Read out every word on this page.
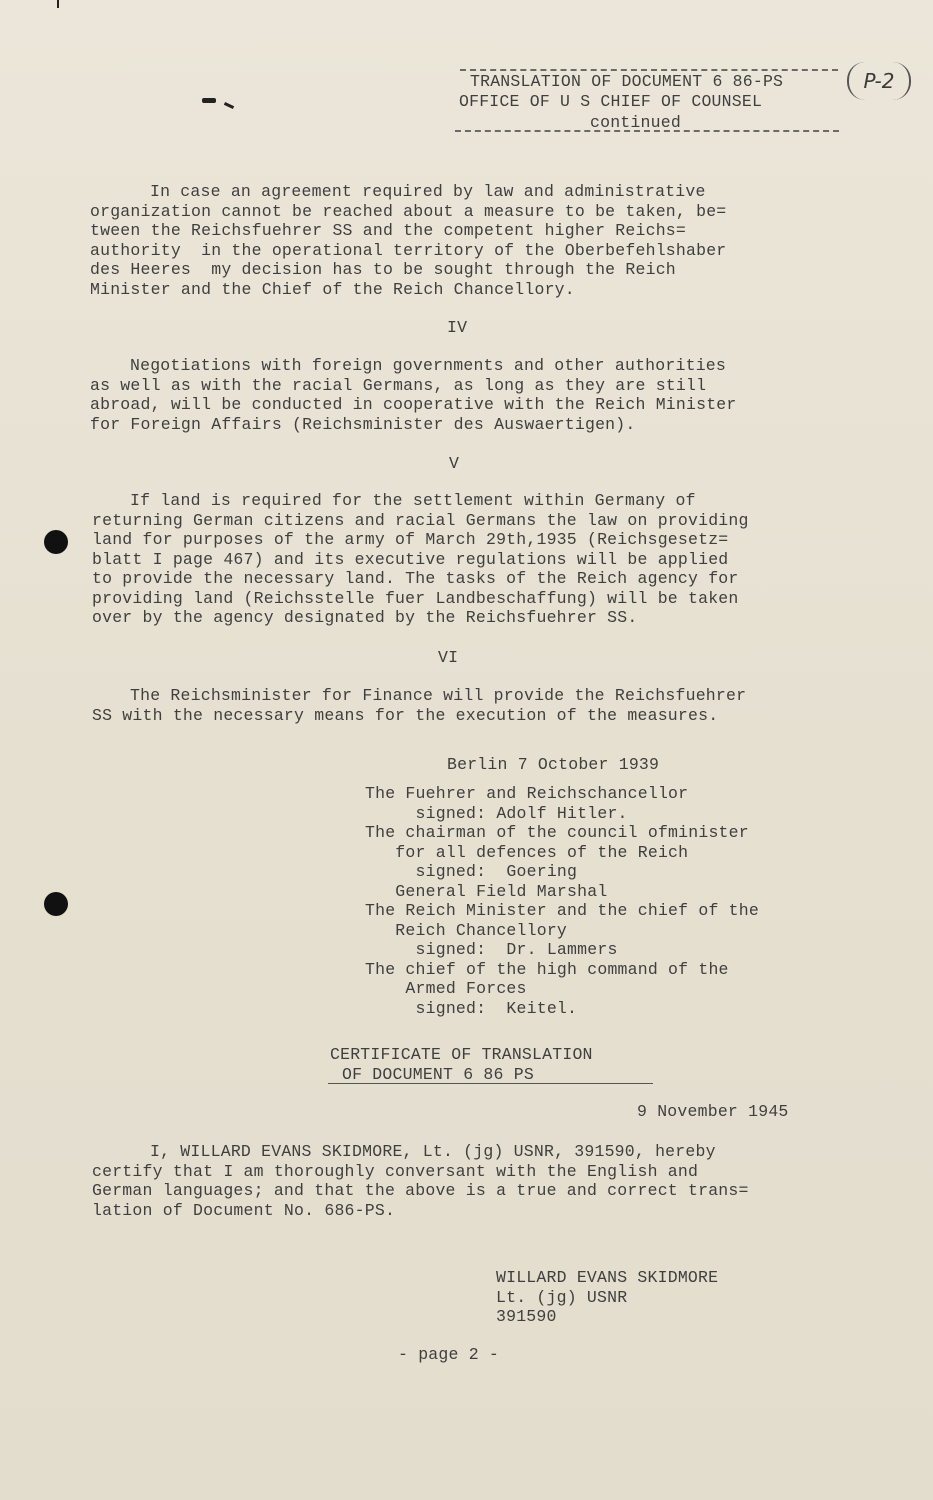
TRANSLATION OF DOCUMENT 6 86-PS
OFFICE OF U S CHIEF OF COUNSEL
continued
P-2
In case an agreement required by law and administrative
organization cannot be reached about a measure to be taken, be=
tween the Reichsfuehrer SS and the competent higher Reichs=
authority  in the operational territory of the Oberbefehlshaber
des Heeres  my decision has to be sought through the Reich
Minister and the Chief of the Reich Chancellory.
IV
Negotiations with foreign governments and other authorities
as well as with the racial Germans, as long as they are still
abroad, will be conducted in cooperative with the Reich Minister
for Foreign Affairs (Reichsminister des Auswaertigen).
V
If land is required for the settlement within Germany of
returning German citizens and racial Germans the law on providing
land for purposes of the army of March 29th,1935 (Reichsgesetz=
blatt I page 467) and its executive regulations will be applied
to provide the necessary land. The tasks of the Reich agency for
providing land (Reichsstelle fuer Landbeschaffung) will be taken
over by the agency designated by the Reichsfuehrer SS.
VI
The Reichsminister for Finance will provide the Reichsfuehrer
SS with the necessary means for the execution of the measures.
Berlin 7 October 1939
The Fuehrer and Reichschancellor
signed: Adolf Hitler.
The chairman of the council ofminister
for all defences of the Reich
signed:  Goering
General Field Marshal
The Reich Minister and the chief of the
Reich Chancellory
signed:  Dr. Lammers
The chief of the high command of the
Armed Forces
signed:  Keitel.
CERTIFICATE OF TRANSLATION
OF DOCUMENT 6 86 PS
9 November 1945
I, WILLARD EVANS SKIDMORE, Lt. (jg) USNR, 391590, hereby
certify that I am thoroughly conversant with the English and
German languages; and that the above is a true and correct trans=
lation of Document No. 686-PS.
WILLARD EVANS SKIDMORE
Lt. (jg) USNR
391590
- page 2 -
